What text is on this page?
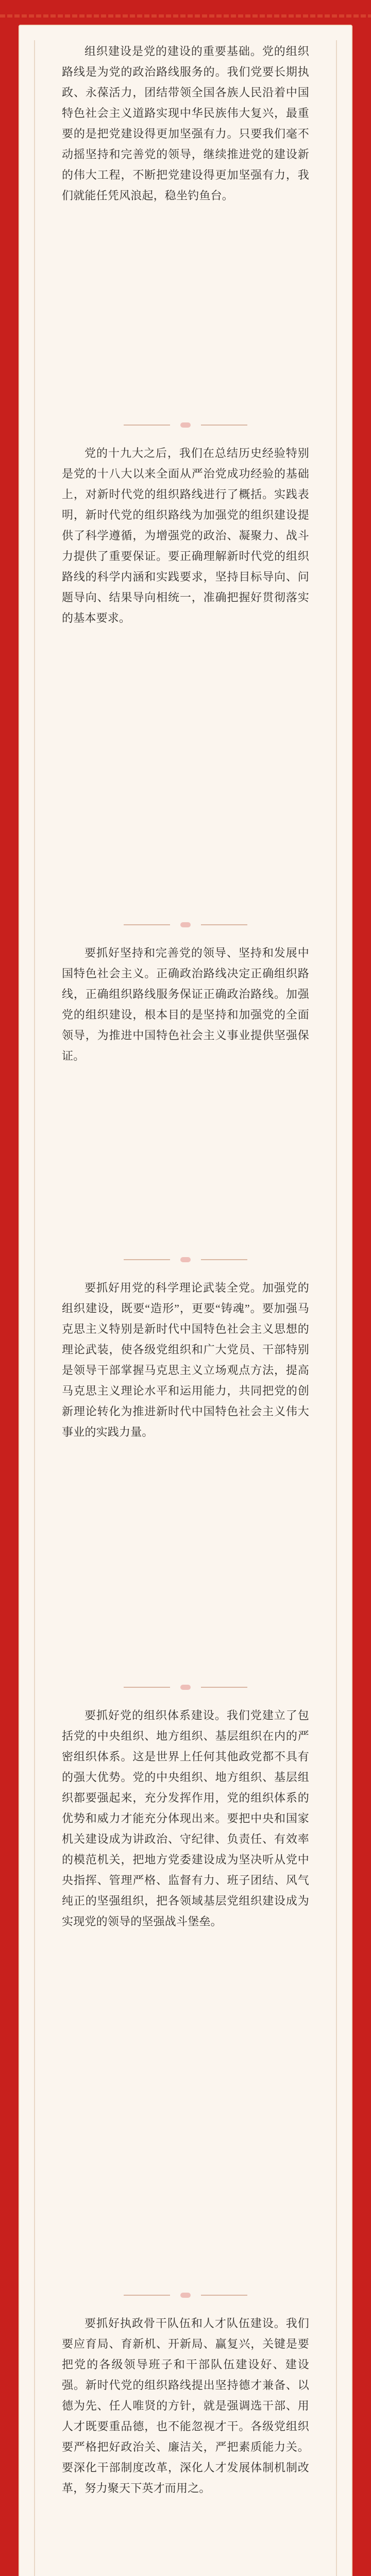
组织建设是党的建设的重要基础。党的组织路线是为党的政治路线服务的。我们党要长期执政、永葆活力，团结带领全国各族人民沿着中国特色社会主义道路实现中华民族伟大复兴，最重要的是把党建设得更加坚强有力。只要我们毫不动摇坚持和完善党的领导，继续推进党的建设新的伟大工程，不断把党建设得更加坚强有力，我们就能任凭风浪起，稳坐钓鱼台。

党的十九大之后，我们在总结历史经验特别是党的十八大以来全面从严治党成功经验的基础上，对新时代党的组织路线进行了概括。实践表明，新时代党的组织路线为加强党的组织建设提供了科学遵循，为增强党的政治、凝聚力、战斗力提供了重要保证。要正确理解新时代党的组织路线的科学内涵和实践要求，坚持目标导向、问题导向、结果导向相统一，准确把握好贯彻落实的基本要求。

要抓好坚持和完善党的领导、坚持和发展中国特色社会主义。正确政治路线决定正确组织路线，正确组织路线服务保证正确政治路线。加强党的组织建设，根本目的是坚持和加强党的全面领导，为推进中国特色社会主义事业提供坚强保证。

要抓好用党的科学理论武装全党。加强党的组织建设，既要“造形”，更要“铸魂”。要加强马克思主义特别是新时代中国特色社会主义思想的理论武装，使各级党组织和广大党员、干部特别是领导干部掌握马克思主义立场观点方法，提高马克思主义理论水平和运用能力，共同把党的创新理论转化为推进新时代中国特色社会主义伟大事业的实践力量。

要抓好党的组织体系建设。我们党建立了包括党的中央组织、地方组织、基层组织在内的严密组织体系。这是世界上任何其他政党都不具有的强大优势。党的中央组织、地方组织、基层组织都要强起来，充分发挥作用，党的组织体系的优势和威力才能充分体现出来。要把中央和国家机关建设成为讲政治、守纪律、负责任、有效率的模范机关，把地方党委建设成为坚决听从党中央指挥、管理严格、监督有力、班子团结、风气纯正的坚强组织，把各领域基层党组织建设成为实现党的领导的坚强战斗堡垒。

要抓好执政骨干队伍和人才队伍建设。我们要应育局、育新机、开新局、赢复兴，关键是要把党的各级领导班子和干部队伍建设好、建设强。新时代党的组织路线提出坚持德才兼备、以德为先、任人唯贤的方针，就是强调选干部、用人才既要重品德，也不能忽视才干。各级党组织要严格把好政治关、廉洁关，严把素质能力关。要深化干部制度改革，深化人才发展体制机制改革，努力聚天下英才而用之。
